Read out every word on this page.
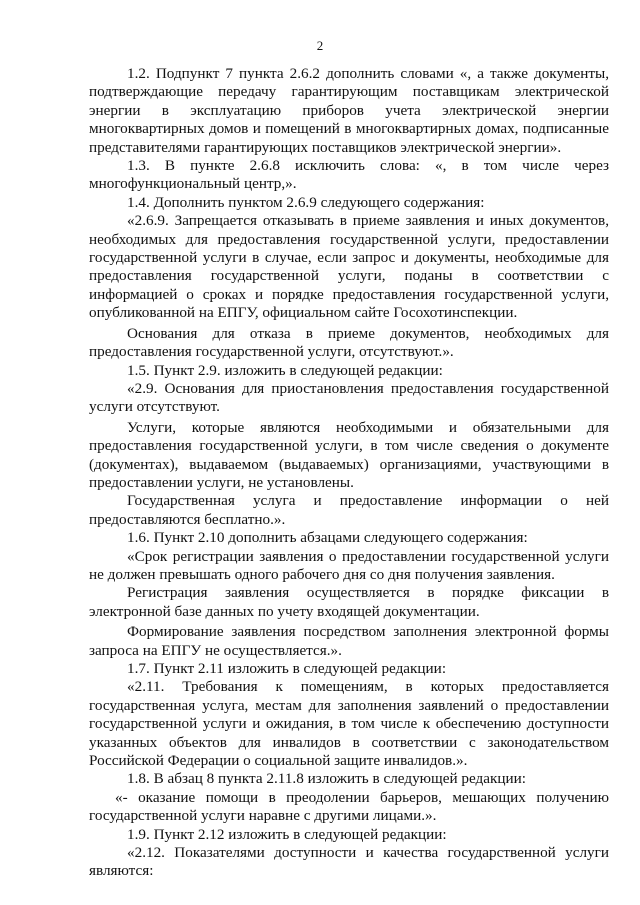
2

1.2. Подпункт 7 пункта 2.6.2 дополнить словами «, а также документы, подтверждающие передачу гарантирующим поставщикам электрической энергии в эксплуатацию приборов учета электрической энергии многоквартирных домов и помещений в многоквартирных домах, подписанные представителями гарантирующих поставщиков электрической энергии».

1.3. В пункте 2.6.8 исключить слова: «, в том числе через многофункциональный центр,».

1.4. Дополнить пунктом 2.6.9 следующего содержания:

«2.6.9. Запрещается отказывать в приеме заявления и иных документов, необходимых для предоставления государственной услуги, предоставлении государственной услуги в случае, если запрос и документы, необходимые для предоставления государственной услуги, поданы в соответствии с информацией о сроках и порядке предоставления государственной услуги, опубликованной на ЕПГУ, официальном сайте Госохотинспекции.

Основания для отказа в приеме документов, необходимых для предоставления государственной услуги, отсутствуют.».

1.5. Пункт 2.9. изложить в следующей редакции:

«2.9. Основания для приостановления предоставления государственной услуги отсутствуют.

Услуги, которые являются необходимыми и обязательными для предоставления государственной услуги, в том числе сведения о документе (документах), выдаваемом (выдаваемых) организациями, участвующими в предоставлении услуги, не установлены.

Государственная услуга и предоставление информации о ней предоставляются бесплатно.».

1.6. Пункт 2.10 дополнить абзацами следующего содержания:

«Срок регистрации заявления о предоставлении государственной услуги не должен превышать одного рабочего дня со дня получения заявления.

Регистрация заявления осуществляется в порядке фиксации в электронной базе данных по учету входящей документации.

Формирование заявления посредством заполнения электронной формы запроса на ЕПГУ не осуществляется.».

1.7. Пункт 2.11 изложить в следующей редакции:

«2.11. Требования к помещениям, в которых предоставляется государственная услуга, местам для заполнения заявлений о предоставлении государственной услуги и ожидания, в том числе к обеспечению доступности указанных объектов для инвалидов в соответствии с законодательством Российской Федерации о социальной защите инвалидов.».

1.8. В абзац 8 пункта 2.11.8 изложить в следующей редакции:

«- оказание помощи в преодолении барьеров, мешающих получению государственной услуги наравне с другими лицами.».

1.9. Пункт 2.12 изложить в следующей редакции:

«2.12. Показателями доступности и качества государственной услуги являются:
